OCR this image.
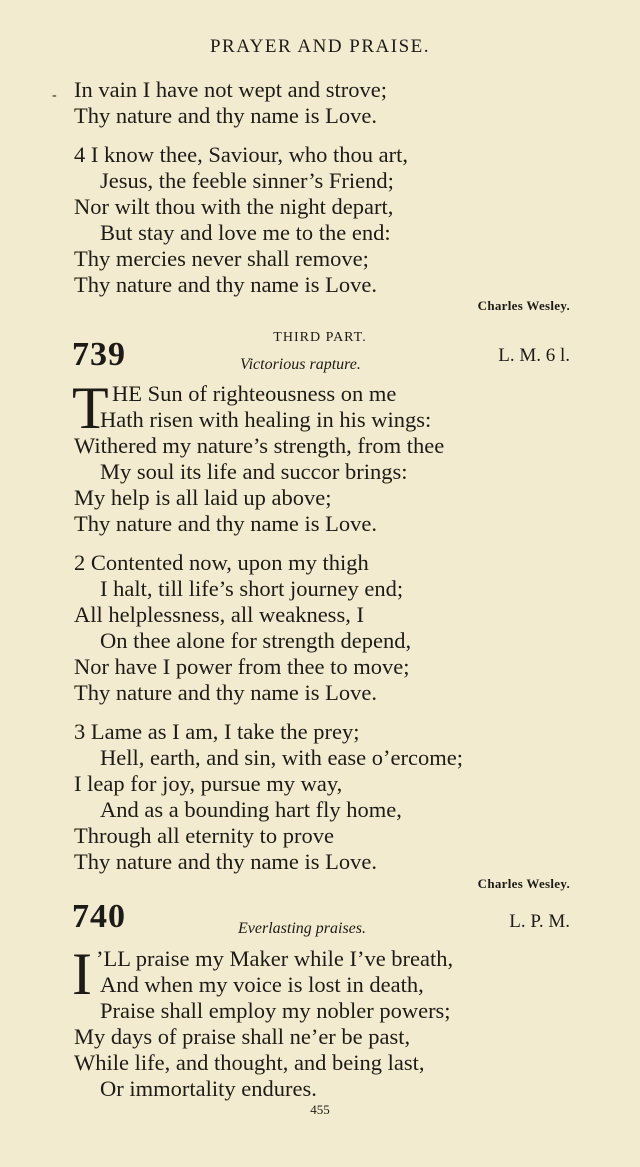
PRAYER AND PRAISE.
- In vain I have not wept and strove;
Thy nature and thy name is Love.
4 I know thee, Saviour, who thou art,
Jesus, the feeble sinner’s Friend;
Nor wilt thou with the night depart,
But stay and love me to the end:
Thy mercies never shall remove;
Thy nature and thy name is Love.
Charles Wesley.
THIRD PART.
739	Victorious rapture.	L. M. 6 l.
T HE Sun of righteousness on me
Hath risen with healing in his wings:
Withered my nature’s strength, from thee
My soul its life and succor brings:
My help is all laid up above;
Thy nature and thy name is Love.
2 Contented now, upon my thigh
I halt, till life’s short journey end;
All helplessness, all weakness, I
On thee alone for strength depend,
Nor have I power from thee to move;
Thy nature and thy name is Love.
3 Lame as I am, I take the prey;
Hell, earth, and sin, with ease o’ercome;
I leap for joy, pursue my way,
And as a bounding hart fly home,
Through all eternity to prove
Thy nature and thy name is Love.
Charles Wesley.
740	Everlasting praises.	L. P. M.
I ’LL praise my Maker while I’ve breath,
And when my voice is lost in death,
Praise shall employ my nobler powers;
My days of praise shall ne’er be past,
While life, and thought, and being last,
Or immortality endures.
455
